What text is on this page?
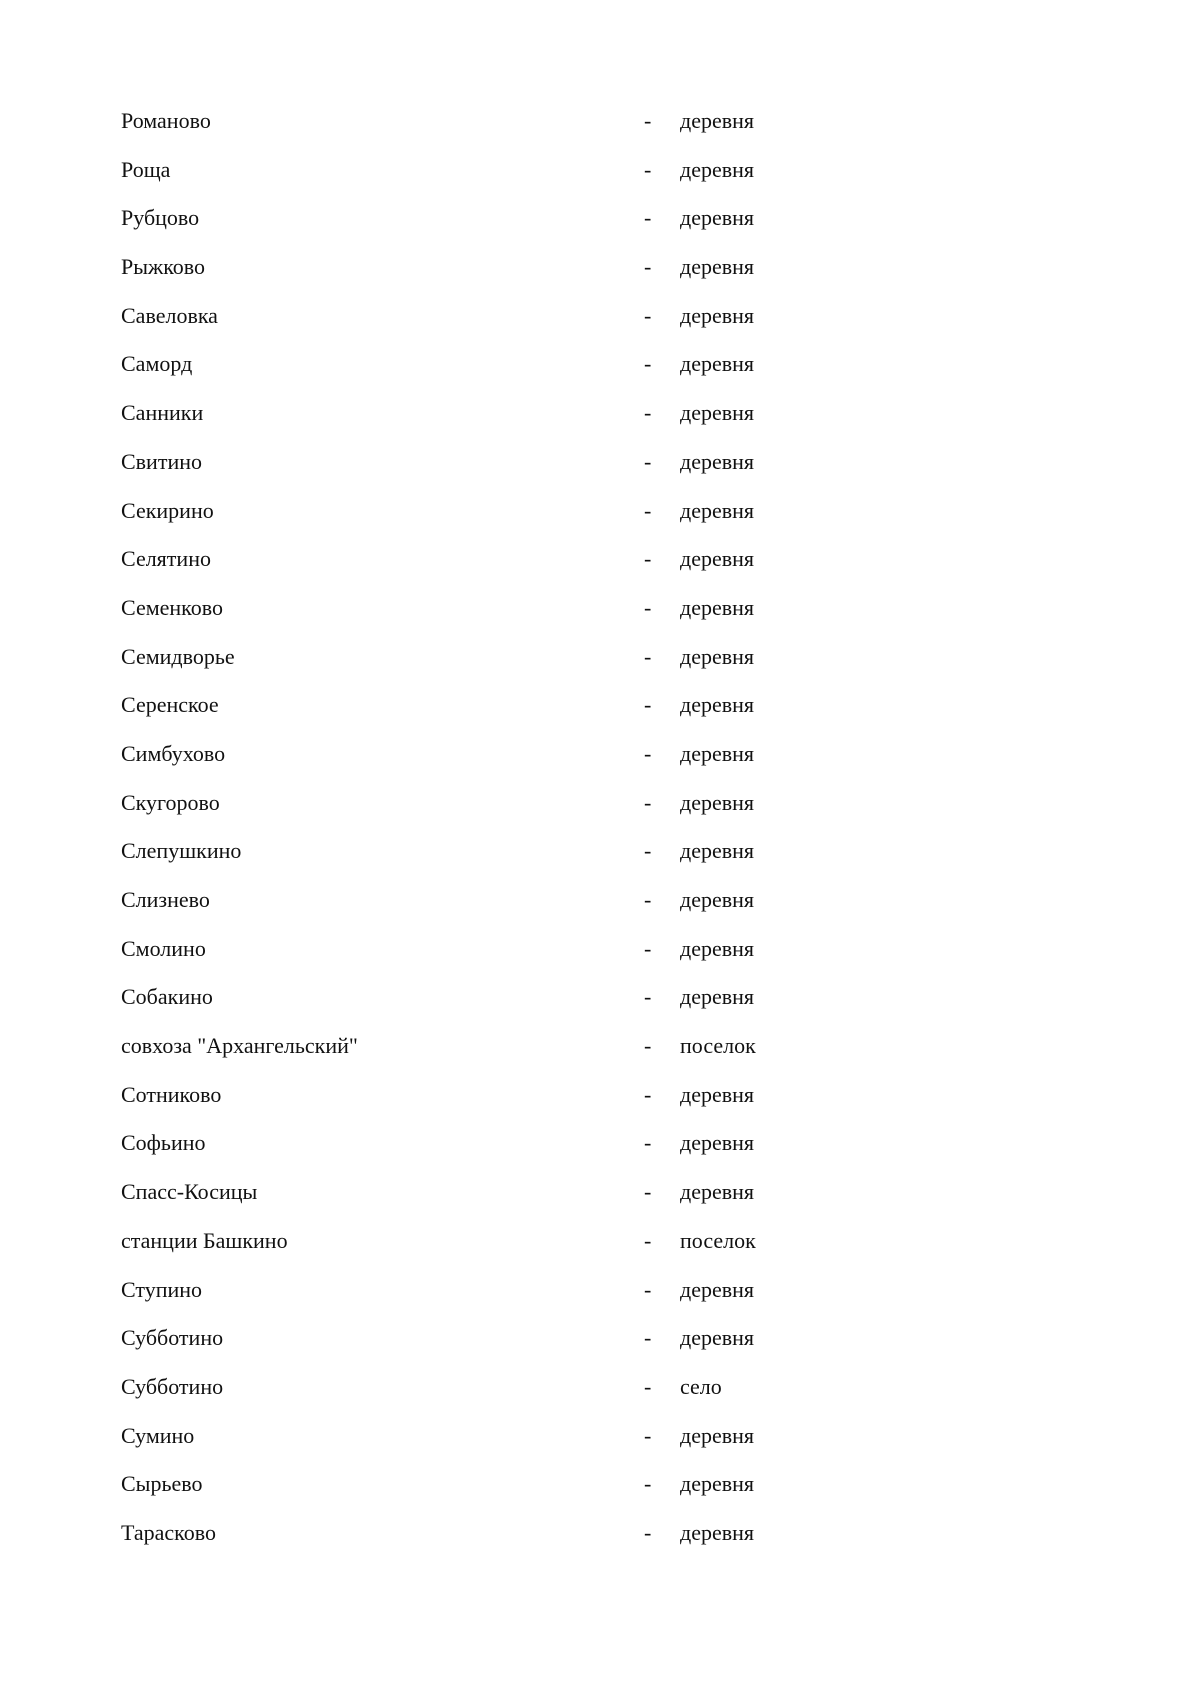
Романово	- деревня
Роща	- деревня
Рубцово	- деревня
Рыжково	- деревня
Савеловка	- деревня
Саморд	- деревня
Санники	- деревня
Свитино	- деревня
Секирино	- деревня
Селятино	- деревня
Семенково	- деревня
Семидворье	- деревня
Серенское	- деревня
Симбухово	- деревня
Скугорово	- деревня
Слепушкино	- деревня
Слизнево	- деревня
Смолино	- деревня
Собакино	- деревня
совхоза "Архангельский"	- поселок
Сотниково	- деревня
Софьино	- деревня
Спасс-Косицы	- деревня
станции Башкино	- поселок
Ступино	- деревня
Субботино	- деревня
Субботино	- село
Сумино	- деревня
Сырьево	- деревня
Тарасково	- деревня
